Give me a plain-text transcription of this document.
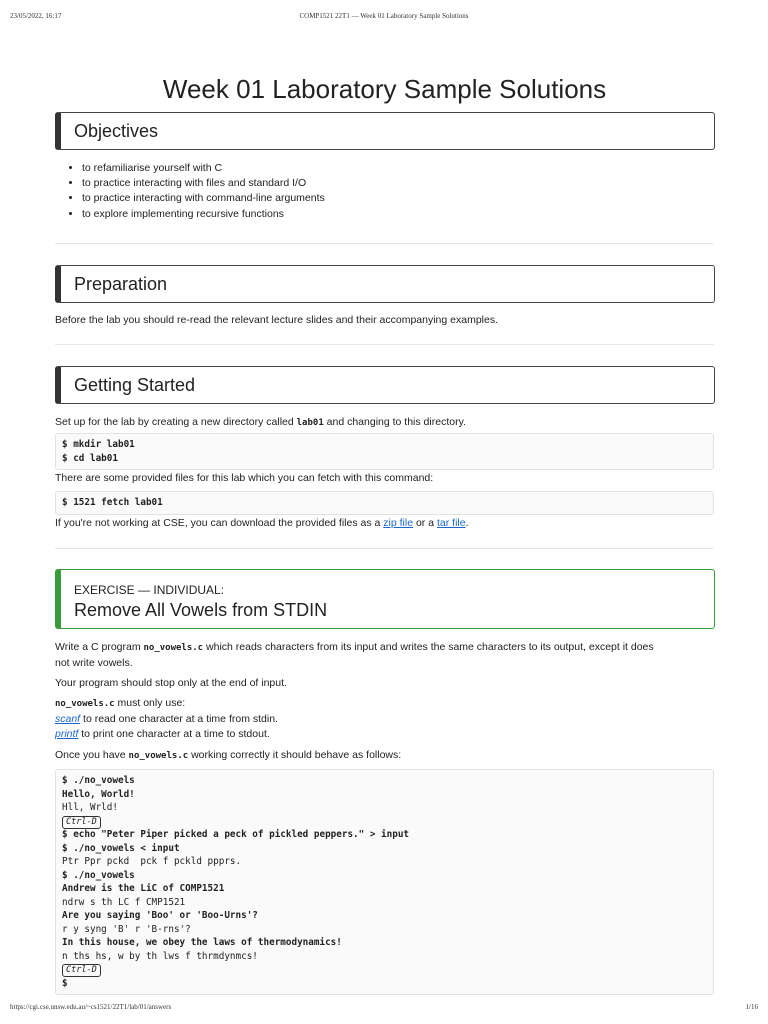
23/05/2022, 16:17	COMP1521 22T1 — Week 01 Laboratory Sample Solutions
Week 01 Laboratory Sample Solutions
Objectives
• to refamiliarise yourself with C
• to practice interacting with files and standard I/O
• to practice interacting with command-line arguments
• to explore implementing recursive functions
Preparation
Before the lab you should re-read the relevant lecture slides and their accompanying examples.
Getting Started
Set up for the lab by creating a new directory called lab01 and changing to this directory.
$ mkdir lab01
$ cd lab01
There are some provided files for this lab which you can fetch with this command:
$ 1521 fetch lab01
If you're not working at CSE, you can download the provided files as a zip file or a tar file.
EXERCISE — INDIVIDUAL:
Remove All Vowels from STDIN
Write a C program no_vowels.c which reads characters from its input and writes the same characters to its output, except it does
not write vowels.
Your program should stop only at the end of input.
no_vowels.c must only use:
scanf to read one character at a time from stdin.
printf to print one character at a time to stdout.
Once you have no_vowels.c working correctly it should behave as follows:
$ ./no_vowels
Hello, World!
Hll, Wrld!
Ctrl-D
$ echo "Peter Piper picked a peck of pickled peppers." > input
$ ./no_vowels < input
Ptr Ppr pckd  pck f pckld ppprs.
$ ./no_vowels
Andrew is the LiC of COMP1521
ndrw s th LC f CMP1521
Are you saying 'Boo' or 'Boo-Urns'?
r y syng 'B' r 'B-rns'?
In this house, we obey the laws of thermodynamics!
n ths hs, w by th lws f thrmdynmcs!
Ctrl-D
$
https://cgi.cse.unsw.edu.au/~cs1521/22T1/lab/01/answers	1/16
